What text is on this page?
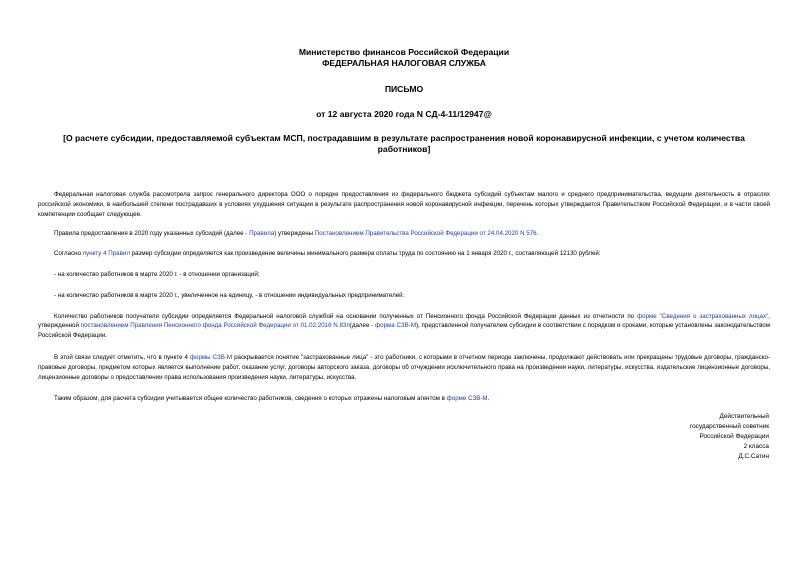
Министерство финансов Российской Федерации
ФЕДЕРАЛЬНАЯ НАЛОГОВАЯ СЛУЖБА
ПИСЬМО
от 12 августа 2020 года N СД-4-11/12947@
[О расчете субсидии, предоставляемой субъектам МСП, пострадавшим в результате распространения новой коронавирусной инфекции, с учетом количества работников]

Федеральная налоговая служба рассмотрела запрос генерального директора ООО о порядке предоставления из федерального бюджета субсидий субъектам малого и среднего предпринимательства, ведущим деятельность в отраслях российской экономики, в наибольшей степени пострадавших в условиях ухудшения ситуации в результате распространения новой коронавирусной инфекции, перечень которых утверждается Правительством Российской Федерации, и в части своей компетенции сообщает следующее.

Правила предоставления в 2020 году указанных субсидий (далее - Правила) утверждены Постановлением Правительства Российской Федерации от 24.04.2020 N 576.

Согласно пункту 4 Правил размер субсидии определяется как произведение величины минимального размера оплаты труда по состоянию на 1 января 2020 г., составляющей 12130 рублей:

- на количество работников в марте 2020 г. - в отношении организаций;

- на количество работников в марте 2020 г., увеличенное на единицу, - в отношении индивидуальных предпринимателей.

Количество работников получателя субсидии определяется Федеральной налоговой службой на основании полученных от Пенсионного фонда Российской Федерации данных из отчетности по форме "Сведения о застрахованных лицах", утвержденной постановлением Правления Пенсионного фонда Российской Федерации от 01.02.2016 N 83п(далее - форма СЗВ-М), представленной получателем субсидии в соответствии с порядком и сроками, которые установлены законодательством Российской Федерации.

В этой связи следует отметить, что в пункте 4 формы СЗВ-М раскрывается понятие "застрахованные лица" - это работники, с которыми в отчетном периоде заключены, продолжают действовать или прекращены трудовые договоры, гражданско-правовые договоры, предметом которых является выполнение работ, оказание услуг, договоры авторского заказа, договоры об отчуждении исключительного права на произведения науки, литературы, искусства, издательские лицензионные договоры, лицензионные договоры о предоставлении права использования произведения науки, литературы, искусства.

Таким образом, для расчета субсидии учитывается общее количество работников, сведения о которых отражены налоговым агентом в форме СЗВ-М.

Действительный
государственный советник
Российской Федерации
2 класса
Д.С.Сатин
